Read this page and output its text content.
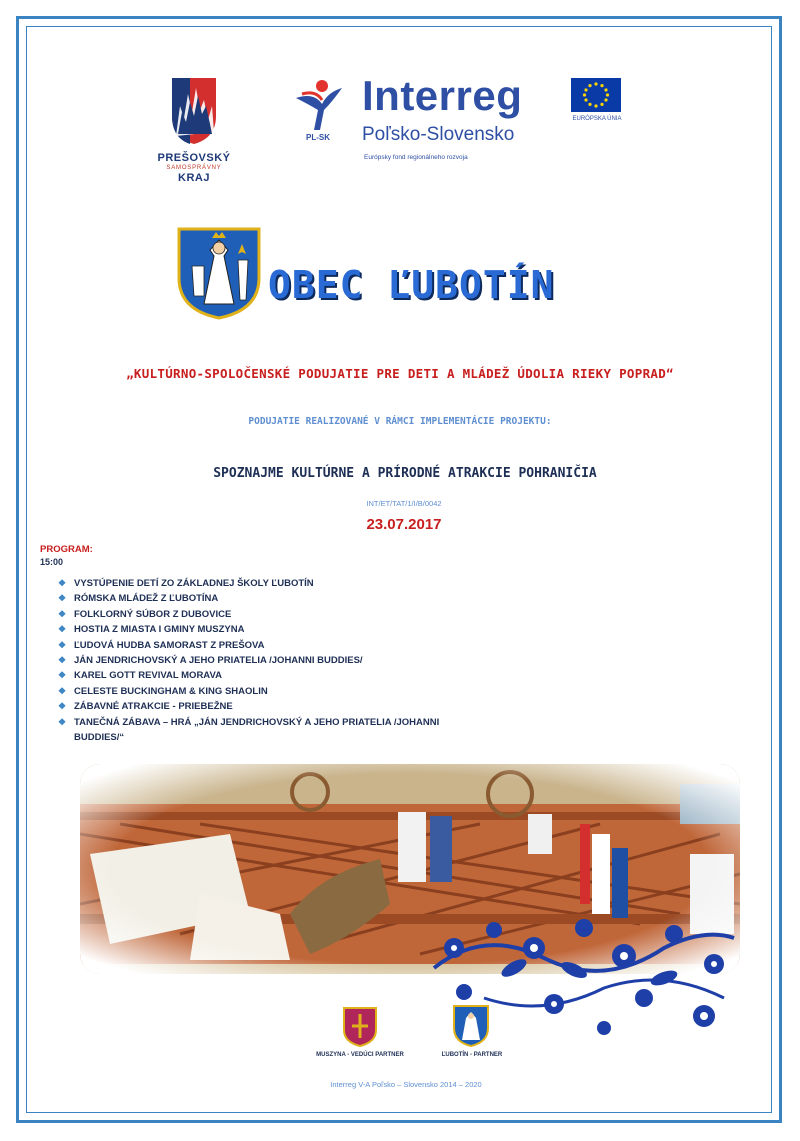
PREŠOVSKÝ
SAMOSPRÁVNY
KRAJ
PL-SK
Interreg
Poľsko-Slovensko
Európsky fond regionálneho rozvoja
EURÓPSKA ÚNIA
OBEC ĽUBOTÍN
„KULTÚRNO-SPOLOČENSKÉ PODUJATIE PRE DETI A MLÁDEŽ ÚDOLIA RIEKY POPRAD“
PODUJATIE REALIZOVANÉ V RÁMCI IMPLEMENTÁCIE PROJEKTU:
SPOZNAJME KULTÚRNE A PRÍRODNÉ ATRAKCIE POHRANIČIA
INT/ET/TAT/1/I/B/0042
23.07.2017
PROGRAM:
15:00
❖ VYSTÚPENIE DETÍ ZO ZÁKLADNEJ ŠKOLY ĽUBOTÍN
❖ RÓMSKA MLÁDEŽ Z ĽUBOTÍNA
❖ FOLKLORNÝ SÚBOR Z DUBOVICE
❖ HOSTIA Z MIASTA I GMINY MUSZYNA
❖ ĽUDOVÁ HUDBA SAMORAST Z PREŠOVA
❖ JÁN JENDRICHOVSKÝ A JEHO PRIATELIA /JOHANNI BUDDIES/
❖ KAREL GOTT REVIVAL MORAVA
❖ CELESTE BUCKINGHAM & KING SHAOLIN
❖ ZÁBAVNÉ ATRAKCIE - PRIEBEŽNE
❖ TANEČNÁ ZÁBAVA – HRÁ „JÁN JENDRICHOVSKÝ A JEHO PRIATELIA /JOHANNI BUDDIES/“
MUSZYNA - VEDÚCI PARTNER	ĽUBOTÍN - PARTNER
Interreg V-A Poľsko – Slovensko 2014 – 2020
